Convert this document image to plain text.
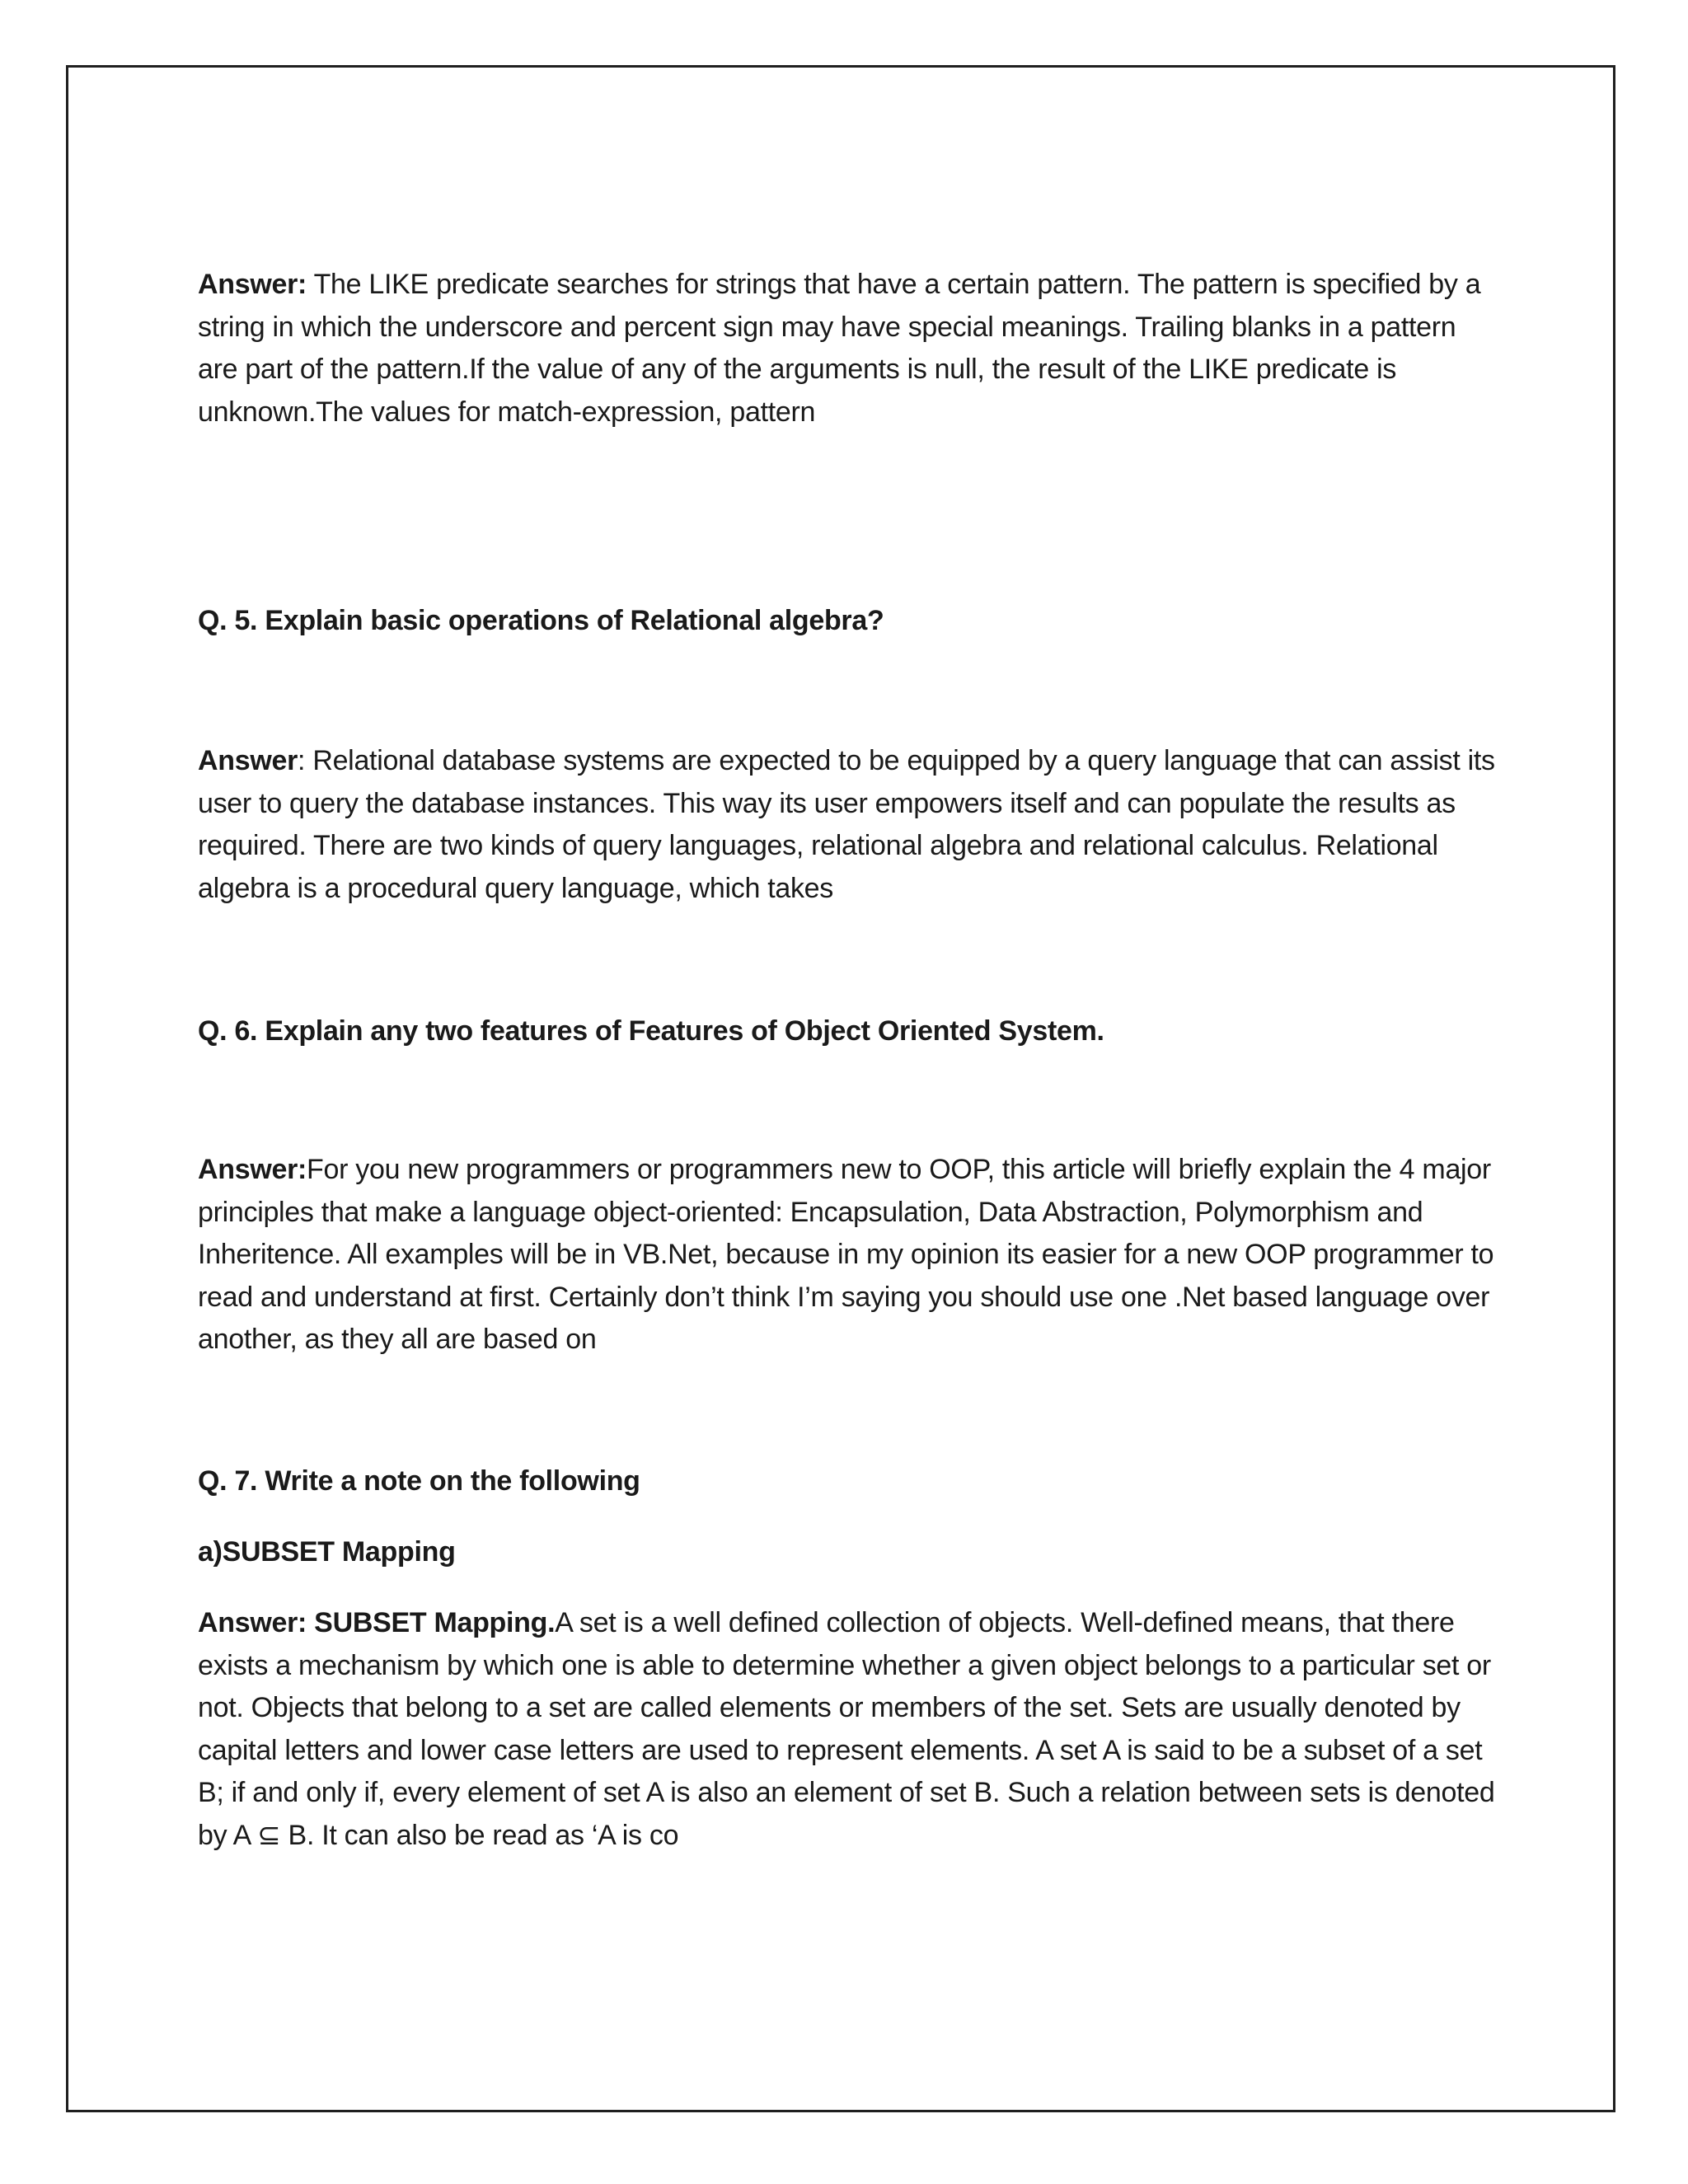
Answer: The LIKE predicate searches for strings that have a certain pattern. The pattern is specified by a string in which the underscore and percent sign may have special meanings. Trailing blanks in a pattern are part of the pattern.If the value of any of the arguments is null, the result of the LIKE predicate is unknown.The values for match-expression, pattern

Q. 5. Explain basic operations of Relational algebra?

Answer: Relational database systems are expected to be equipped by a query language that can assist its user to query the database instances. This way its user empowers itself and can populate the results as required. There are two kinds of query languages, relational algebra and relational calculus. Relational algebra is a procedural query language, which takes

Q. 6. Explain any two features of Features of Object Oriented System.

Answer:For you new programmers or programmers new to OOP, this article will briefly explain the 4 major principles that make a language object-oriented: Encapsulation, Data Abstraction, Polymorphism and Inheritence. All examples will be in VB.Net, because in my opinion its easier for a new OOP programmer to read and understand at first. Certainly don’t think I’m saying you should use one .Net based language over another, as they all are based on

Q. 7. Write a note on the following

a)SUBSET Mapping

Answer: SUBSET Mapping.A set is a well defined collection of objects. Well-defined means, that there exists a mechanism by which one is able to determine whether a given object belongs to a particular set or not. Objects that belong to a set are called elements or members of the set. Sets are usually denoted by capital letters and lower case letters are used to represent elements. A set A is said to be a subset of a set B; if and only if, every element of set A is also an element of set B. Such a relation between sets is denoted by A ⊆ B. It can also be read as ‘A is co
